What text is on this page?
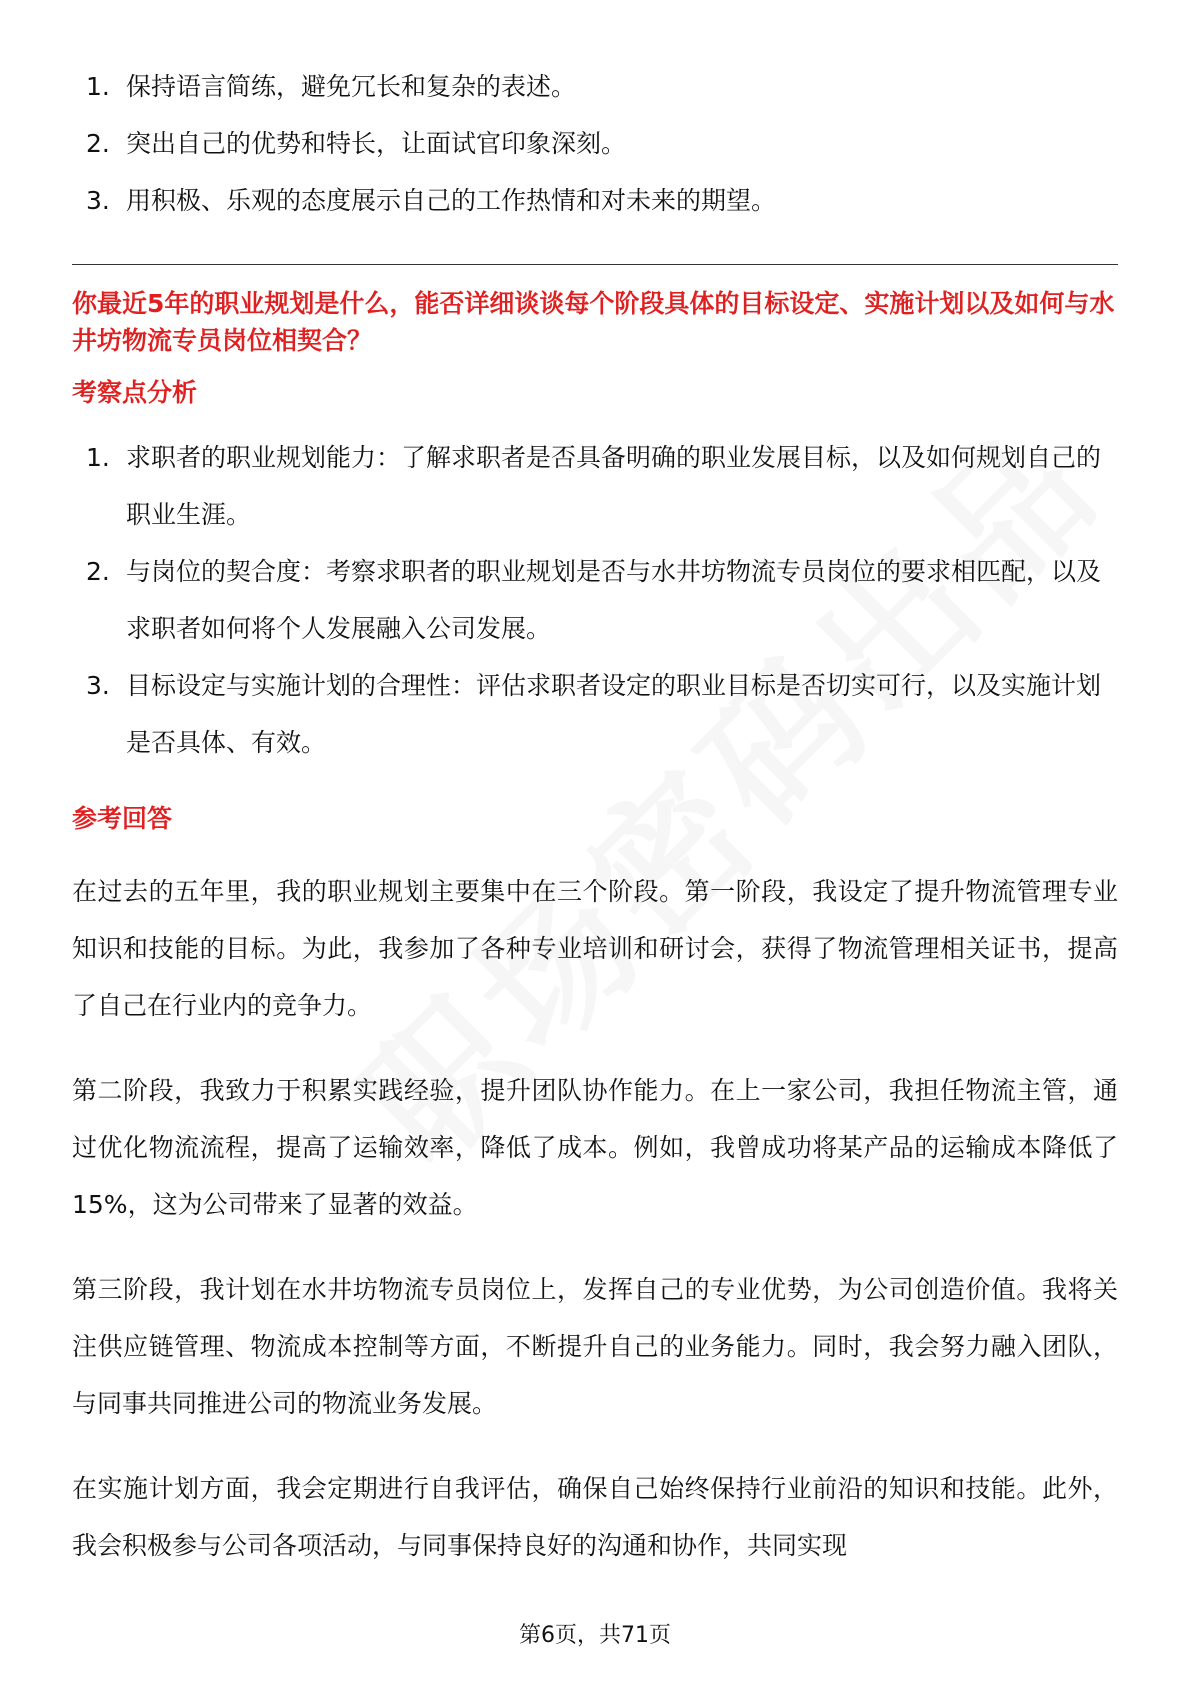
1. 保持语言简练，避免冗长和复杂的表述。
2. 突出自己的优势和特长，让面试官印象深刻。
3. 用积极、乐观的态度展示自己的工作热情和对未来的期望。
你最近5年的职业规划是什么，能否详细谈谈每个阶段具体的目标设定、实施计划以及如何与水井坊物流专员岗位相契合？
考察点分析
1. 求职者的职业规划能力：了解求职者是否具备明确的职业发展目标，以及如何规划自己的职业生涯。
2. 与岗位的契合度：考察求职者的职业规划是否与水井坊物流专员岗位的要求相匹配，以及求职者如何将个人发展融入公司发展。
3. 目标设定与实施计划的合理性：评估求职者设定的职业目标是否切实可行，以及实施计划是否具体、有效。
参考回答

在过去的五年里，我的职业规划主要集中在三个阶段。第一阶段，我设定了提升物流管理专业知识和技能的目标。为此，我参加了各种专业培训和研讨会，获得了物流管理相关证书，提高了自己在行业内的竞争力。

第二阶段，我致力于积累实践经验，提升团队协作能力。在上一家公司，我担任物流主管，通过优化物流流程，提高了运输效率，降低了成本。例如，我曾成功将某产品的运输成本降低了15%，这为公司带来了显著的效益。

第三阶段，我计划在水井坊物流专员岗位上，发挥自己的专业优势，为公司创造价值。我将关注供应链管理、物流成本控制等方面，不断提升自己的业务能力。同时，我会努力融入团队，与同事共同推进公司的物流业务发展。

在实施计划方面，我会定期进行自我评估，确保自己始终保持行业前沿的知识和技能。此外，我会积极参与公司各项活动，与同事保持良好的沟通和协作，共同实现

第6页，共71页
